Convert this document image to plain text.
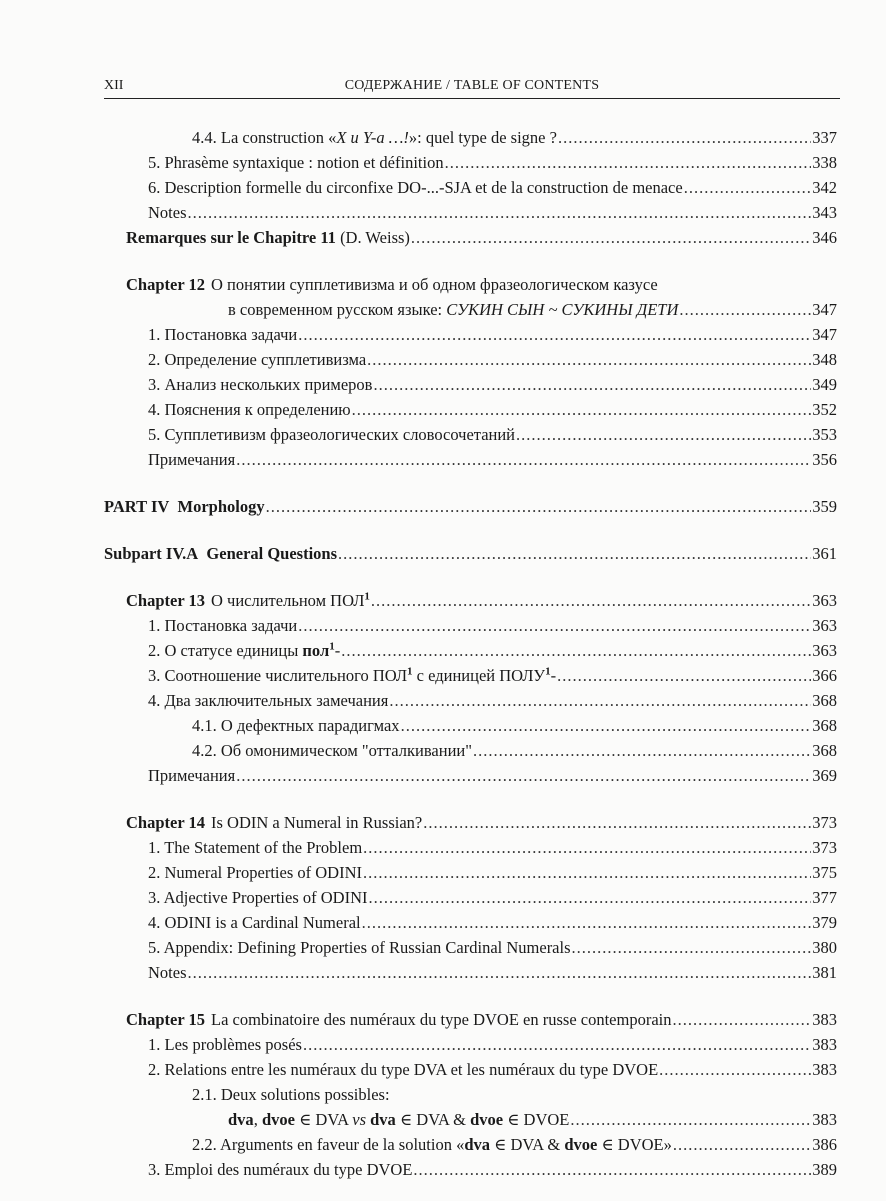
XII	СОДЕРЖАНИЕ / TABLE OF CONTENTS
4.4. La construction «X и Y-а …!»: quel type de signe ? .....	337
5. Phrasème syntaxique : notion et définition .....	338
6. Description formelle du circonfixe DO-...-SJA et de la construction de menace .....	342
Notes .....	343
Remarques sur le Chapitre 11 (D. Weiss) .....	346
Chapter 12 О понятии супплетивизма и об одном фразеологическом казусе
в современном русском языке: СУКИН СЫН ~ СУКИНЫ ДЕТИ .....	347
1. Постановка задачи .....	347
2. Определение супплетивизма .....	348
3. Анализ нескольких примеров .....	349
4. Пояснения к определению .....	352
5. Супплетивизм фразеологических словосочетаний .....	353
Примечания .....	356
PART IV Morphology .....	359
Subpart IV.A General Questions .....	361
Chapter 13 О числительном ПОЛ$^1$ .....	363
1. Постановка задачи .....	363
2. О статусе единицы пол$^1$- .....	363
3. Соотношение числительного ПОЛ$^1$ с единицей ПОЛУ$^1$- .....	366
4. Два заключительных замечания .....	368
4.1. О дефектных парадигмах .....	368
4.2. Об омонимическом "отталкивании" .....	368
Примечания .....	369
Chapter 14 Is ODIN a Numeral in Russian? .....	373
1. The Statement of the Problem .....	373
2. Numeral Properties of ODINI .....	375
3. Adjective Properties of ODINI .....	377
4. ODINI is a Cardinal Numeral .....	379
5. Appendix: Defining Properties of Russian Cardinal Numerals .....	380
Notes .....	381
Chapter 15 La combinatoire des numéraux du type DVOE en russe contemporain .....	383
1. Les problèmes posés .....	383
2. Relations entre les numéraux du type DVA et les numéraux du type DVOE .....	383
2.1. Deux solutions possibles:
dva, dvoe ∈ DVA vs dva ∈ DVA & dvoe ∈ DVOE .....	383
2.2. Arguments en faveur de la solution «dva ∈ DVA & dvoe ∈ DVOE» .....	386
3. Emploi des numéraux du type DVOE .....	389
